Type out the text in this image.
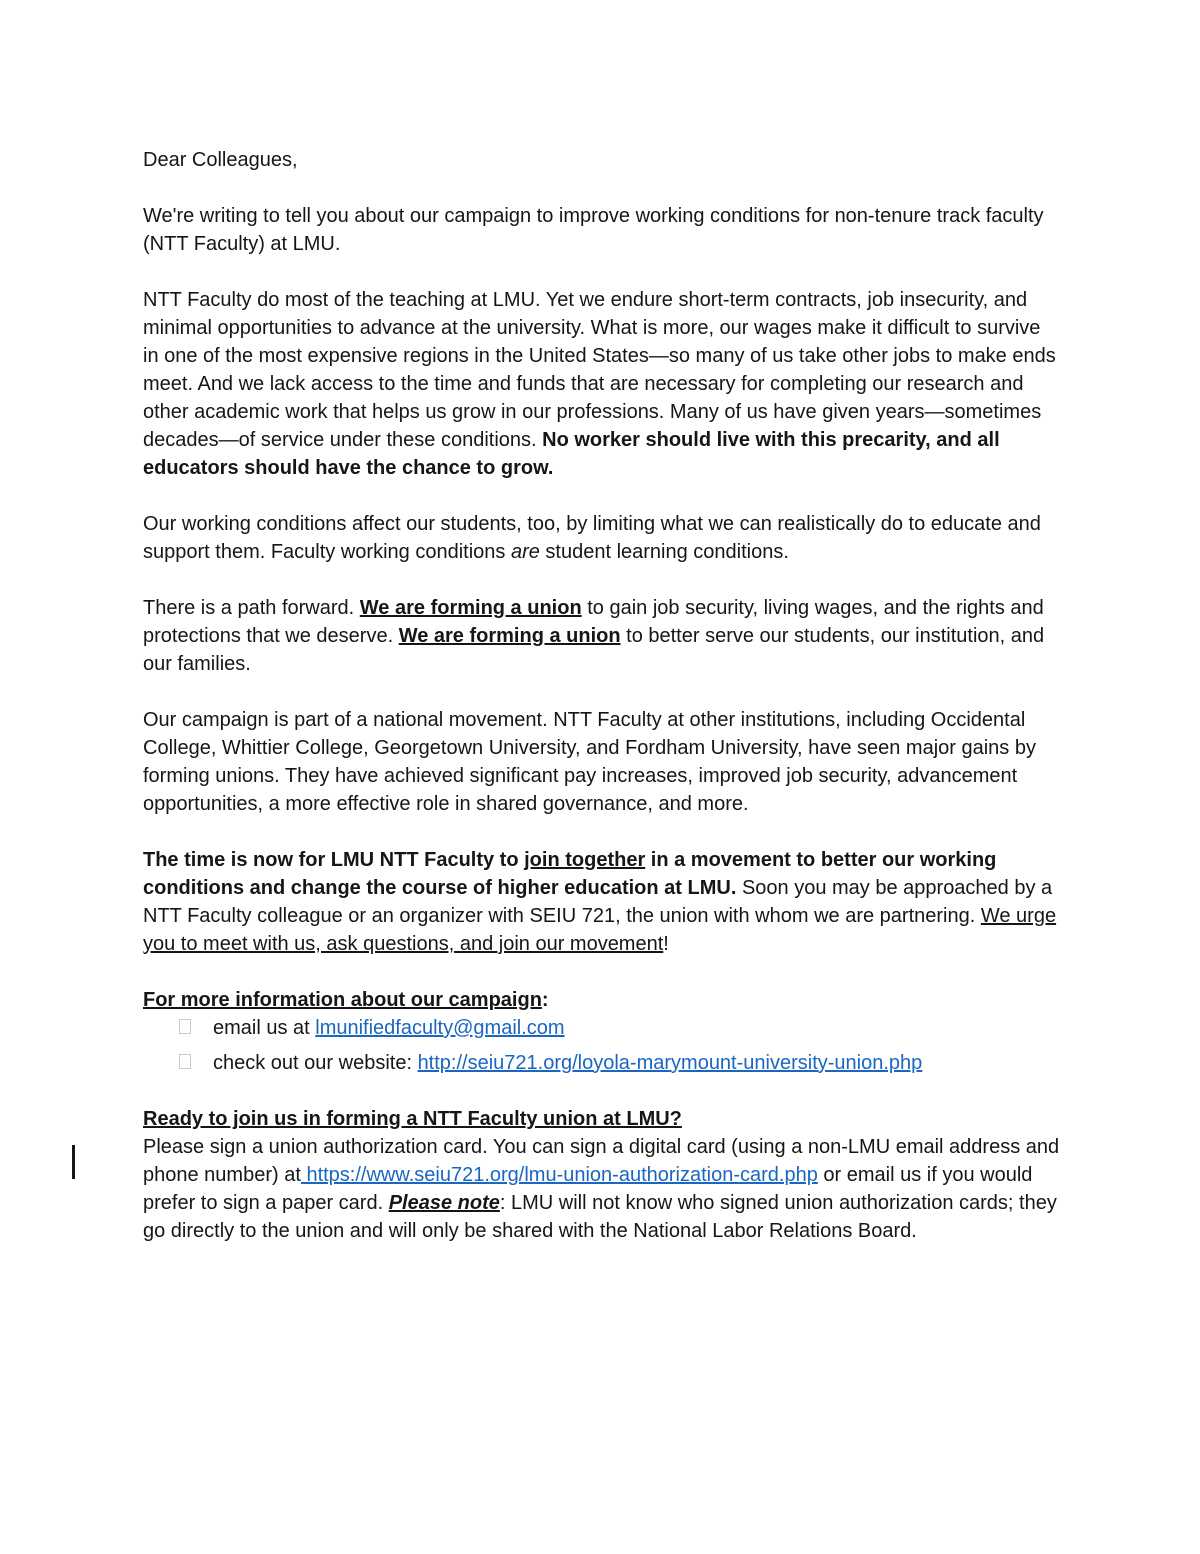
Dear Colleagues,
We're writing to tell you about our campaign to improve working conditions for non-tenure track faculty (NTT Faculty) at LMU.
NTT Faculty do most of the teaching at LMU. Yet we endure short-term contracts, job insecurity, and minimal opportunities to advance at the university. What is more, our wages make it difficult to survive in one of the most expensive regions in the United States—so many of us take other jobs to make ends meet. And we lack access to the time and funds that are necessary for completing our research and other academic work that helps us grow in our professions. Many of us have given years—sometimes decades—of service under these conditions. No worker should live with this precarity, and all educators should have the chance to grow.
Our working conditions affect our students, too, by limiting what we can realistically do to educate and support them. Faculty working conditions are student learning conditions.
There is a path forward. We are forming a union to gain job security, living wages, and the rights and protections that we deserve. We are forming a union to better serve our students, our institution, and our families.
Our campaign is part of a national movement. NTT Faculty at other institutions, including Occidental College, Whittier College, Georgetown University, and Fordham University, have seen major gains by forming unions. They have achieved significant pay increases, improved job security, advancement opportunities, a more effective role in shared governance, and more.
The time is now for LMU NTT Faculty to join together in a movement to better our working conditions and change the course of higher education at LMU. Soon you may be approached by a NTT Faculty colleague or an organizer with SEIU 721, the union with whom we are partnering. We urge you to meet with us, ask questions, and join our movement!
For more information about our campaign:
email us at lmunifiedfaculty@gmail.com
check out our website: http://seiu721.org/loyola-marymount-university-union.php
Ready to join us in forming a NTT Faculty union at LMU?
Please sign a union authorization card. You can sign a digital card (using a non-LMU email address and phone number) at https://www.seiu721.org/lmu-union-authorization-card.php or email us if you would prefer to sign a paper card. Please note: LMU will not know who signed union authorization cards; they go directly to the union and will only be shared with the National Labor Relations Board.
